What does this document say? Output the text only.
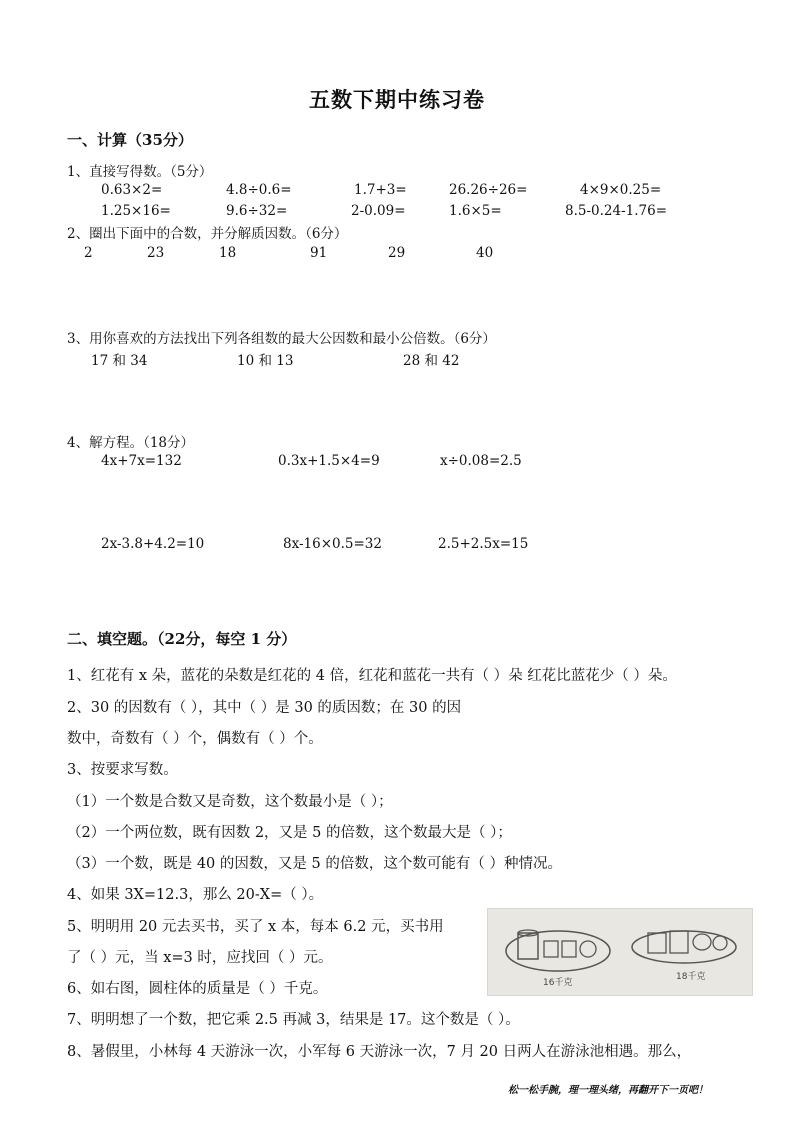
五数下期中练习卷
一、计算（35分）
1、直接写得数。（5分）
0.63×2=	4.8÷0.6=	1.7+3=	26.26÷26=	4×9×0.25=
1.25×16=	9.6÷32=	2-0.09=	1.6×5=	8.5-0.24-1.76=
2、圈出下面中的合数，并分解质因数。（6分）
2	23	18	91	29	40
3、用你喜欢的方法找出下列各组数的最大公因数和最小公倍数。（6分）
17 和 34	10 和 13	28 和 42
4、解方程。（18分）
4x+7x=132	0.3x+1.5×4=9	x÷0.08=2.5
2x-3.8+4.2=10	8x-16×0.5=32	2.5+2.5x=15
二、填空题。（22分，每空 1 分）
1、红花有 x 朵，蓝花的朵数是红花的 4 倍，红花和蓝花一共有（ ）朵 红花比蓝花少（ ）朵。
2、30 的因数有（ ），其中（ ）是 30 的质因数；在 30 的因
数中，奇数有（ ）个，偶数有（ ）个。
3、按要求写数。
（1）一个数是合数又是奇数，这个数最小是（ ）；
（2）一个两位数，既有因数 2，又是 5 的倍数，这个数最大是（ ）；
（3）一个数，既是 40 的因数，又是 5 的倍数，这个数可能有（ ）种情况。
4、如果 3X=12.3，那么 20-X=（ ）。
5、明明用 20 元去买书，买了 x 本，每本 6.2 元，买书用
了（ ）元，当 x=3 时，应找回（ ）元。
6、如右图，圆柱体的质量是（ ）千克。
7、明明想了一个数，把它乘 2.5 再减 3，结果是 17。这个数是（ ）。
8、暑假里，小林每 4 天游泳一次，小军每 6 天游泳一次，7 月 20 日两人在游泳池相遇。那么，
16千克
18千克
松一松手腕，理一理头绪，再翻开下一页吧！
